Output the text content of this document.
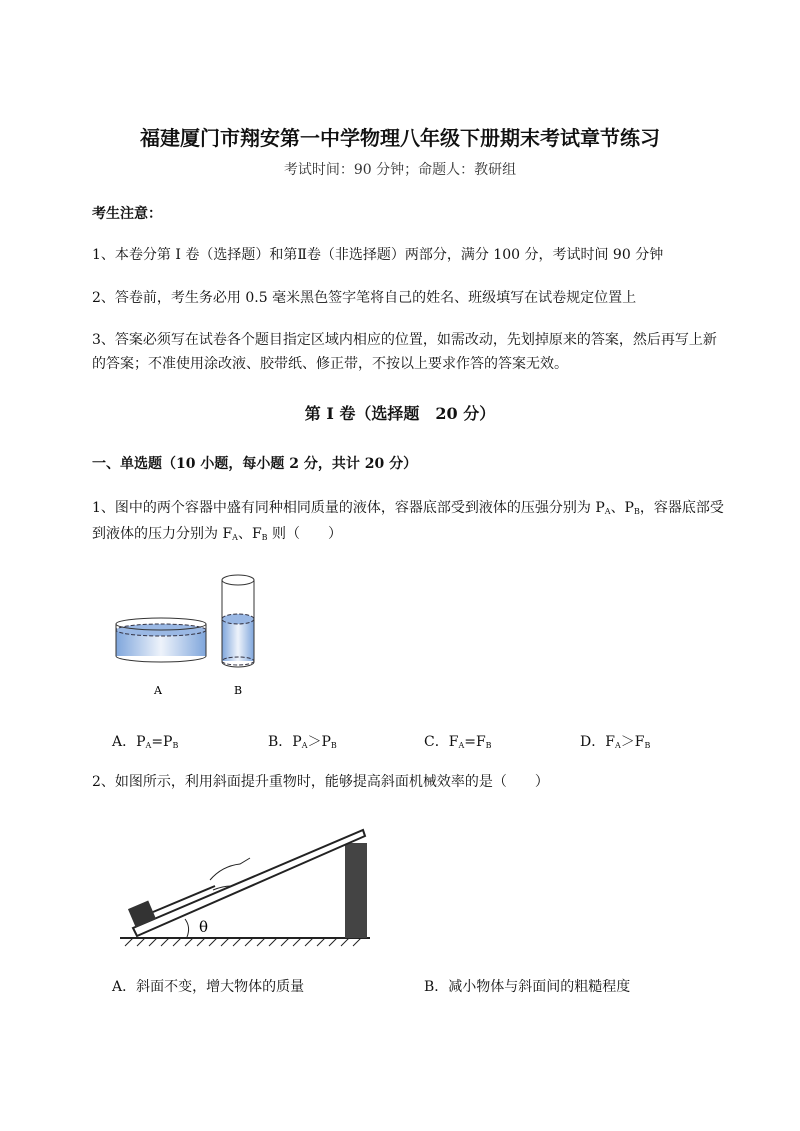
福建厦门市翔安第一中学物理八年级下册期末考试章节练习
考试时间：90 分钟；命题人：教研组
考生注意：
1、本卷分第 I 卷（选择题）和第Ⅱ卷（非选择题）两部分，满分 100 分，考试时间 90 分钟
2、答卷前，考生务必用 0.5 毫米黑色签字笔将自己的姓名、班级填写在试卷规定位置上
3、答案必须写在试卷各个题目指定区域内相应的位置，如需改动，先划掉原来的答案，然后再写上新
的答案；不准使用涂改液、胶带纸、修正带，不按以上要求作答的答案无效。
第 I 卷（选择题　20 分）
一、单选题（10 小题，每小题 2 分，共计 20 分）
1、图中的两个容器中盛有同种相同质量的液体，容器底部受到液体的压强分别为 $P_A$、$P_B$，容器底部受
到液体的压力分别为 $F_A$、$F_B$ 则（　　）
A	B
A．$P_A=P_B$	B．$P_A>P_B$	C．$F_A=F_B$	D．$F_A>F_B$
2、如图所示，利用斜面提升重物时，能够提高斜面机械效率的是（　　）
θ
A．斜面不变，增大物体的质量	B．减小物体与斜面间的粗糙程度
